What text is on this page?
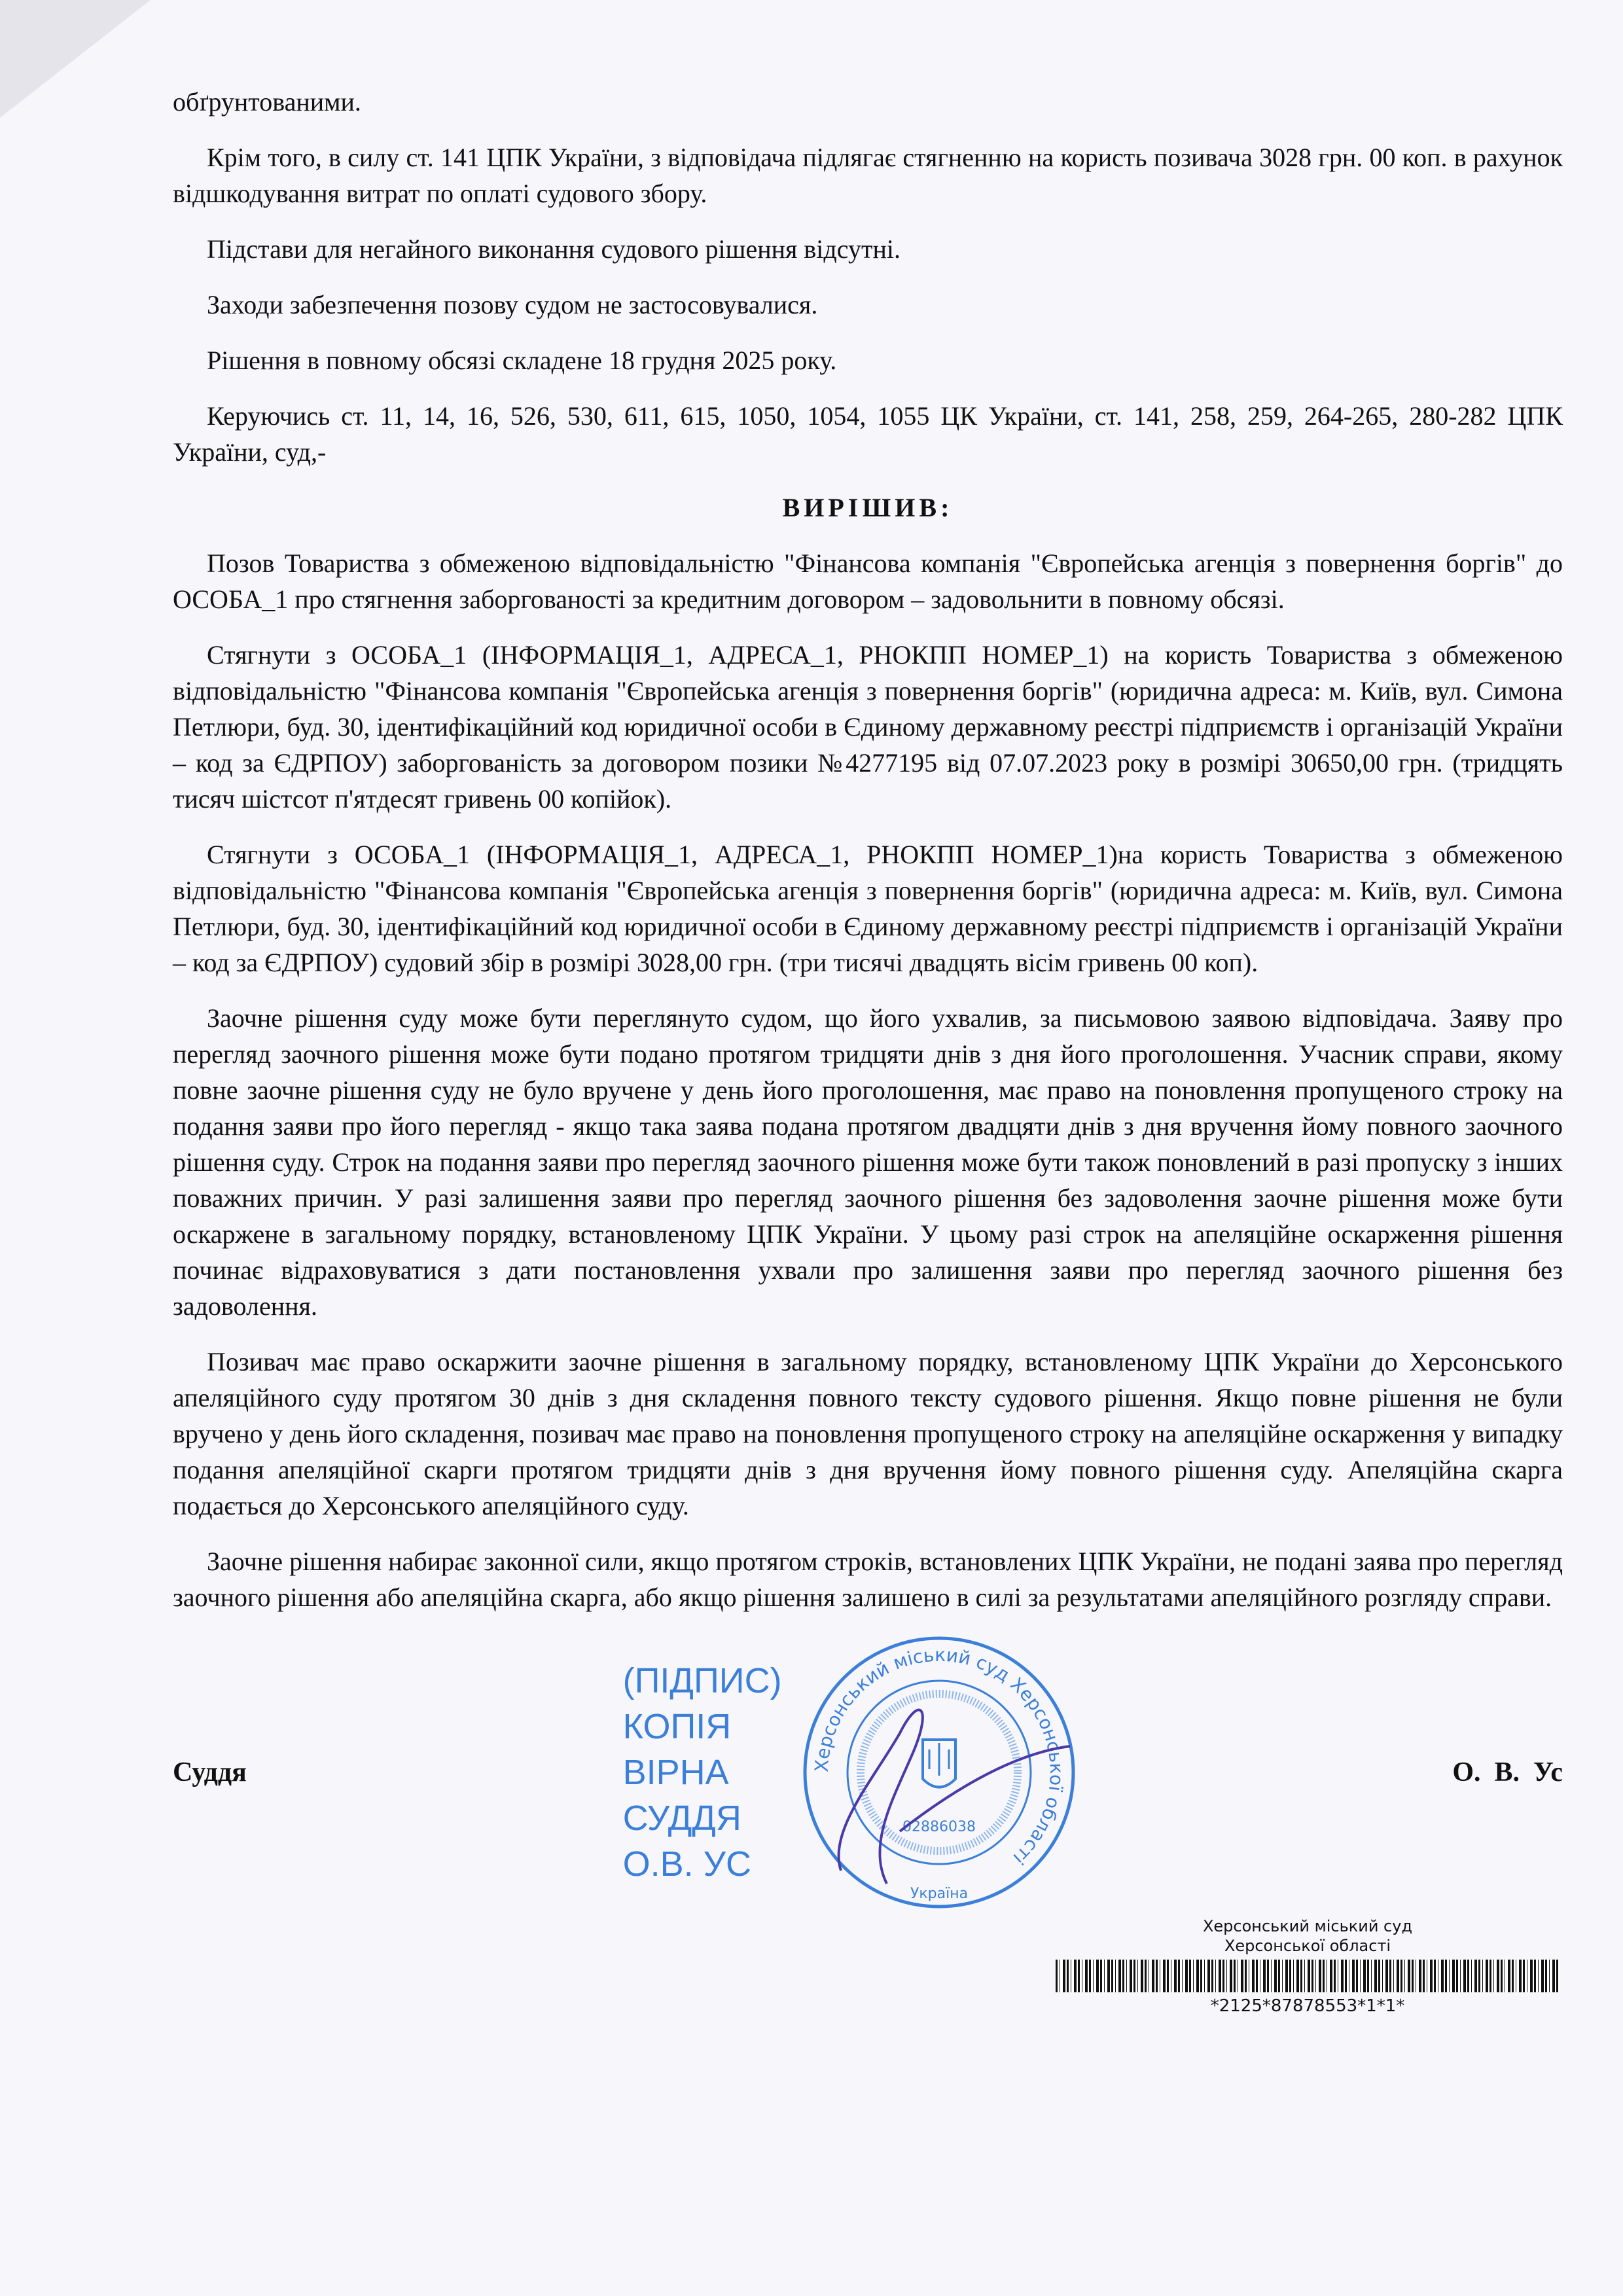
обґрунтованими.

Крім того, в силу ст. 141 ЦПК України, з відповідача підлягає стягненню на користь позивача 3028 грн. 00 коп. в рахунок відшкодування витрат по оплаті судового збору.

Підстави для негайного виконання судового рішення відсутні.

Заходи забезпечення позову судом не застосовувалися.

Рішення в повному обсязі складене 18 грудня 2025 року.

Керуючись ст. 11, 14, 16, 526, 530, 611, 615, 1050, 1054, 1055 ЦК України, ст. 141, 258, 259, 264-265, 280-282 ЦПК України, суд,-

ВИРІШИВ:

Позов Товариства з обмеженою відповідальністю "Фінансова компанія "Європейська агенція з повернення боргів" до ОСОБА_1 про стягнення заборгованості за кредитним договором – задовольнити в повному обсязі.

Стягнути з ОСОБА_1 (ІНФОРМАЦІЯ_1, АДРЕСА_1, РНОКПП НОМЕР_1) на користь Товариства з обмеженою відповідальністю "Фінансова компанія "Європейська агенція з повернення боргів" (юридична адреса: м. Київ, вул. Симона Петлюри, буд. 30, ідентифікаційний код юридичної особи в Єдиному державному реєстрі підприємств і організацій України – код за ЄДРПОУ) заборгованість за договором позики №4277195 від 07.07.2023 року в розмірі 30650,00 грн. (тридцять тисяч шістсот п'ятдесят гривень 00 копійок).

Стягнути з ОСОБА_1 (ІНФОРМАЦІЯ_1, АДРЕСА_1, РНОКПП НОМЕР_1)на користь Товариства з обмеженою відповідальністю "Фінансова компанія "Європейська агенція з повернення боргів" (юридична адреса: м. Київ, вул. Симона Петлюри, буд. 30, ідентифікаційний код юридичної особи в Єдиному державному реєстрі підприємств і організацій України – код за ЄДРПОУ) судовий збір в розмірі 3028,00 грн. (три тисячі двадцять вісім гривень 00 коп).

Заочне рішення суду може бути переглянуто судом, що його ухвалив, за письмовою заявою відповідача. Заяву про перегляд заочного рішення може бути подано протягом тридцяти днів з дня його проголошення. Учасник справи, якому повне заочне рішення суду не було вручене у день його проголошення, має право на поновлення пропущеного строку на подання заяви про його перегляд - якщо така заява подана протягом двадцяти днів з дня вручення йому повного заочного рішення суду. Строк на подання заяви про перегляд заочного рішення може бути також поновлений в разі пропуску з інших поважних причин. У разі залишення заяви про перегляд заочного рішення без задоволення заочне рішення може бути оскаржене в загальному порядку, встановленому ЦПК України. У цьому разі строк на апеляційне оскарження рішення починає відраховуватися з дати постановлення ухвали про залишення заяви про перегляд заочного рішення без задоволення.

Позивач має право оскаржити заочне рішення в загальному порядку, встановленому ЦПК України до Херсонського апеляційного суду протягом 30 днів з дня складення повного тексту судового рішення. Якщо повне рішення не були вручено у день його складення, позивач має право на поновлення пропущеного строку на апеляційне оскарження у випадку подання апеляційної скарги протягом тридцяти днів з дня вручення йому повного рішення суду. Апеляційна скарга подається до Херсонського апеляційного суду.

Заочне рішення набирає законної сили, якщо протягом строків, встановлених ЦПК України, не подані заява про перегляд заочного рішення або апеляційна скарга, або якщо рішення залишено в силі за результатами апеляційного розгляду справи.

Суддя
(ПІДПИС)
КОПІЯ
ВІРНА
СУДДЯ
О.В. УС
Херсонський міський суд Херсонської області
Україна
02886038
О.  В.  Ус
Херсонський міський суд
Херсонської області
*2125*87878553*1*1*
